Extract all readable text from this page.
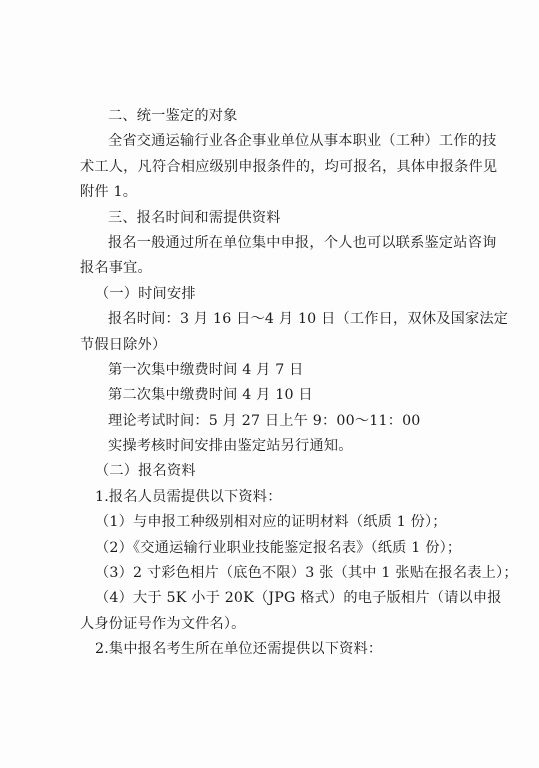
二、统一鉴定的对象
全省交通运输行业各企事业单位从事本职业（工种）工作的技
术工人，凡符合相应级别申报条件的，均可报名，具体申报条件见
附件 1。
三、报名时间和需提供资料
报名一般通过所在单位集中申报，个人也可以联系鉴定站咨询
报名事宜。
（一）时间安排
报名时间：3 月 16 日～4 月 10 日（工作日，双休及国家法定
节假日除外）
第一次集中缴费时间 4 月 7 日
第二次集中缴费时间 4 月 10 日
理论考试时间：5 月 27 日上午 9：00～11：00
实操考核时间安排由鉴定站另行通知。
（二）报名资料
1.报名人员需提供以下资料：
（1）与申报工种级别相对应的证明材料（纸质 1 份）；
（2）《交通运输行业职业技能鉴定报名表》（纸质 1 份）；
（3）2 寸彩色相片（底色不限）3 张（其中 1 张贴在报名表上）；
（4）大于 5K 小于 20K（JPG 格式）的电子版相片（请以申报
人身份证号作为文件名）。
2.集中报名考生所在单位还需提供以下资料：
